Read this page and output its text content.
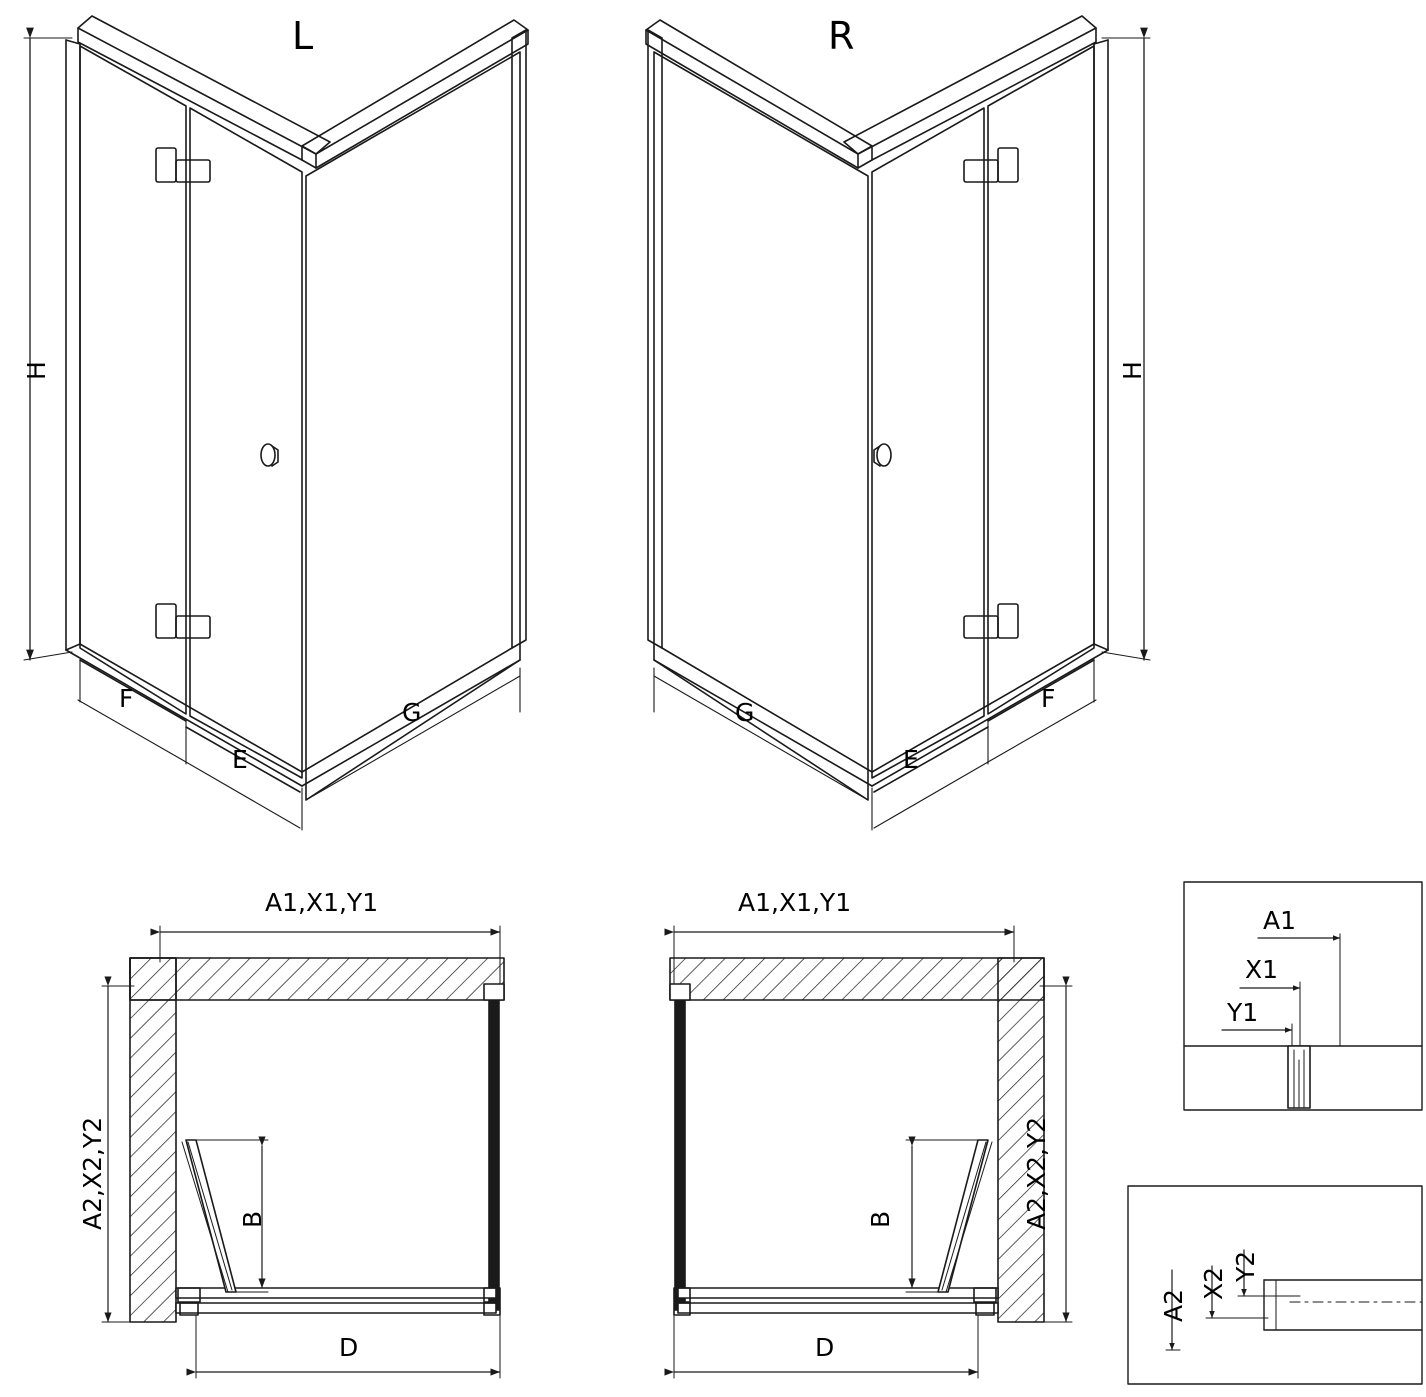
L	R
H	H
F
E
G	F
E
G
A1,X1,Y1	A1,X1,Y1
A2,X2,Y2	A2,X2,Y2
B	B
D	D
A1
X1
Y1
A2
X2
Y2
